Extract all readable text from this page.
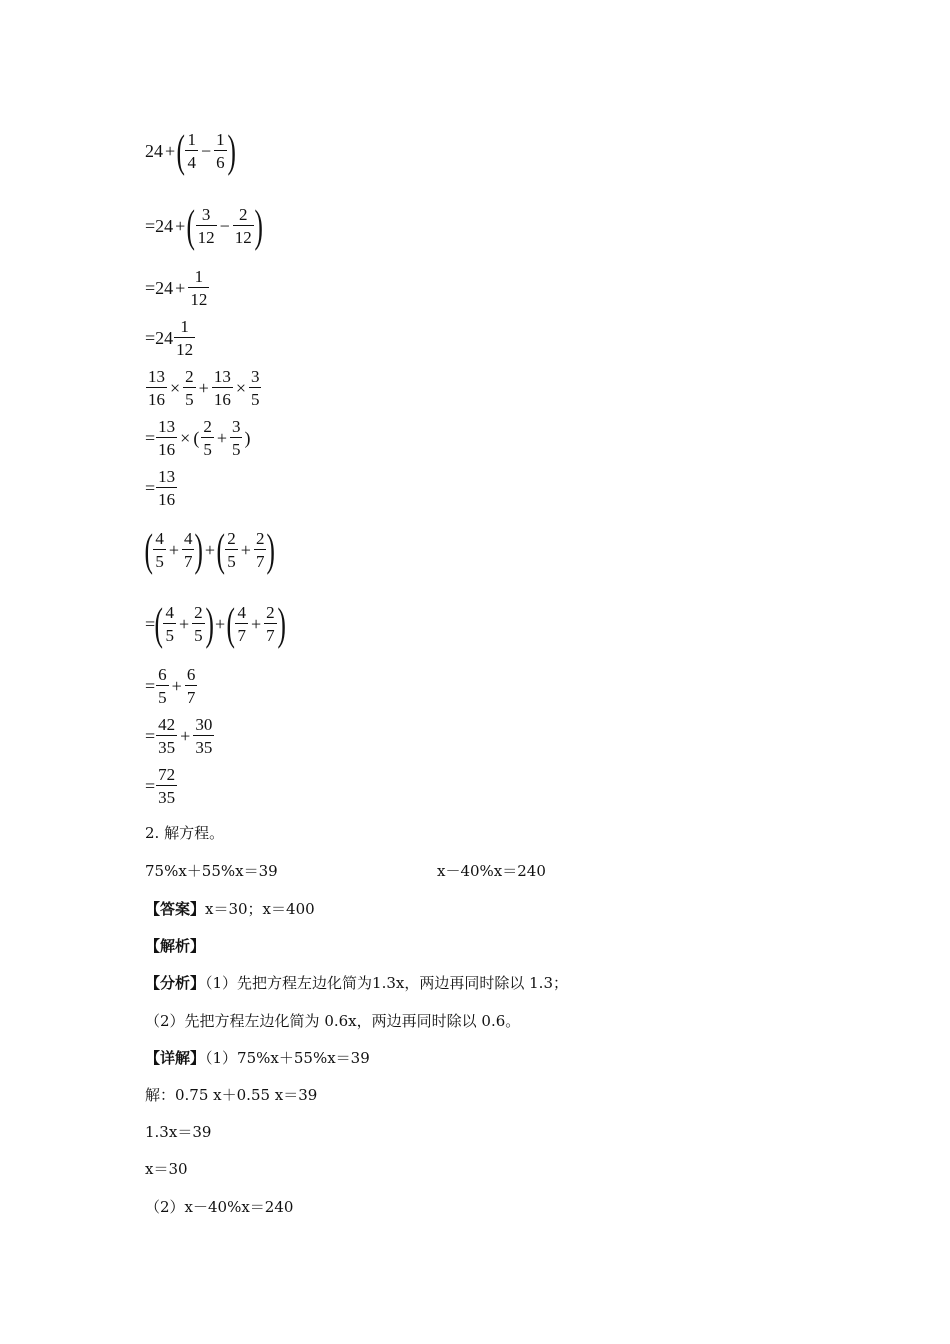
24 + ( $\frac{1}{4} - \frac{1}{6}$ )
= 24 + ( $\frac{3}{12} - \frac{2}{12}$ )
= $24 + \frac{1}{12}$
= $24 \frac{1}{12}$
$\frac{13}{16} \times \frac{2}{5} + \frac{13}{16} \times \frac{3}{5}$
= $\frac{13}{16}$ × ( $\frac{2}{5} + \frac{3}{5}$ )
= $\frac{13}{16}$
( $\frac{4}{5} + \frac{4}{7}$ ) + ( $\frac{2}{5} + \frac{2}{7}$ )
= ( $\frac{4}{5} + \frac{2}{5}$ ) + ( $\frac{4}{7} + \frac{2}{7}$ )
= $\frac{6}{5} + \frac{6}{7}$
= $\frac{42}{35} + \frac{30}{35}$
= $\frac{72}{35}$
2. 解方程。
75%x＋55%x＝39	x－40%x＝240
【答案】x＝30；x＝400
【解析】
【分析】（1）先把方程左边化简为1.3x，两边再同时除以 1.3；
（2）先把方程左边化简为 0.6x，两边再同时除以 0.6。
【详解】（1）75%x＋55%x＝39
解：0.75 x＋0.55 x＝39
1.3x＝39
x＝30
（2）x－40%x＝240
